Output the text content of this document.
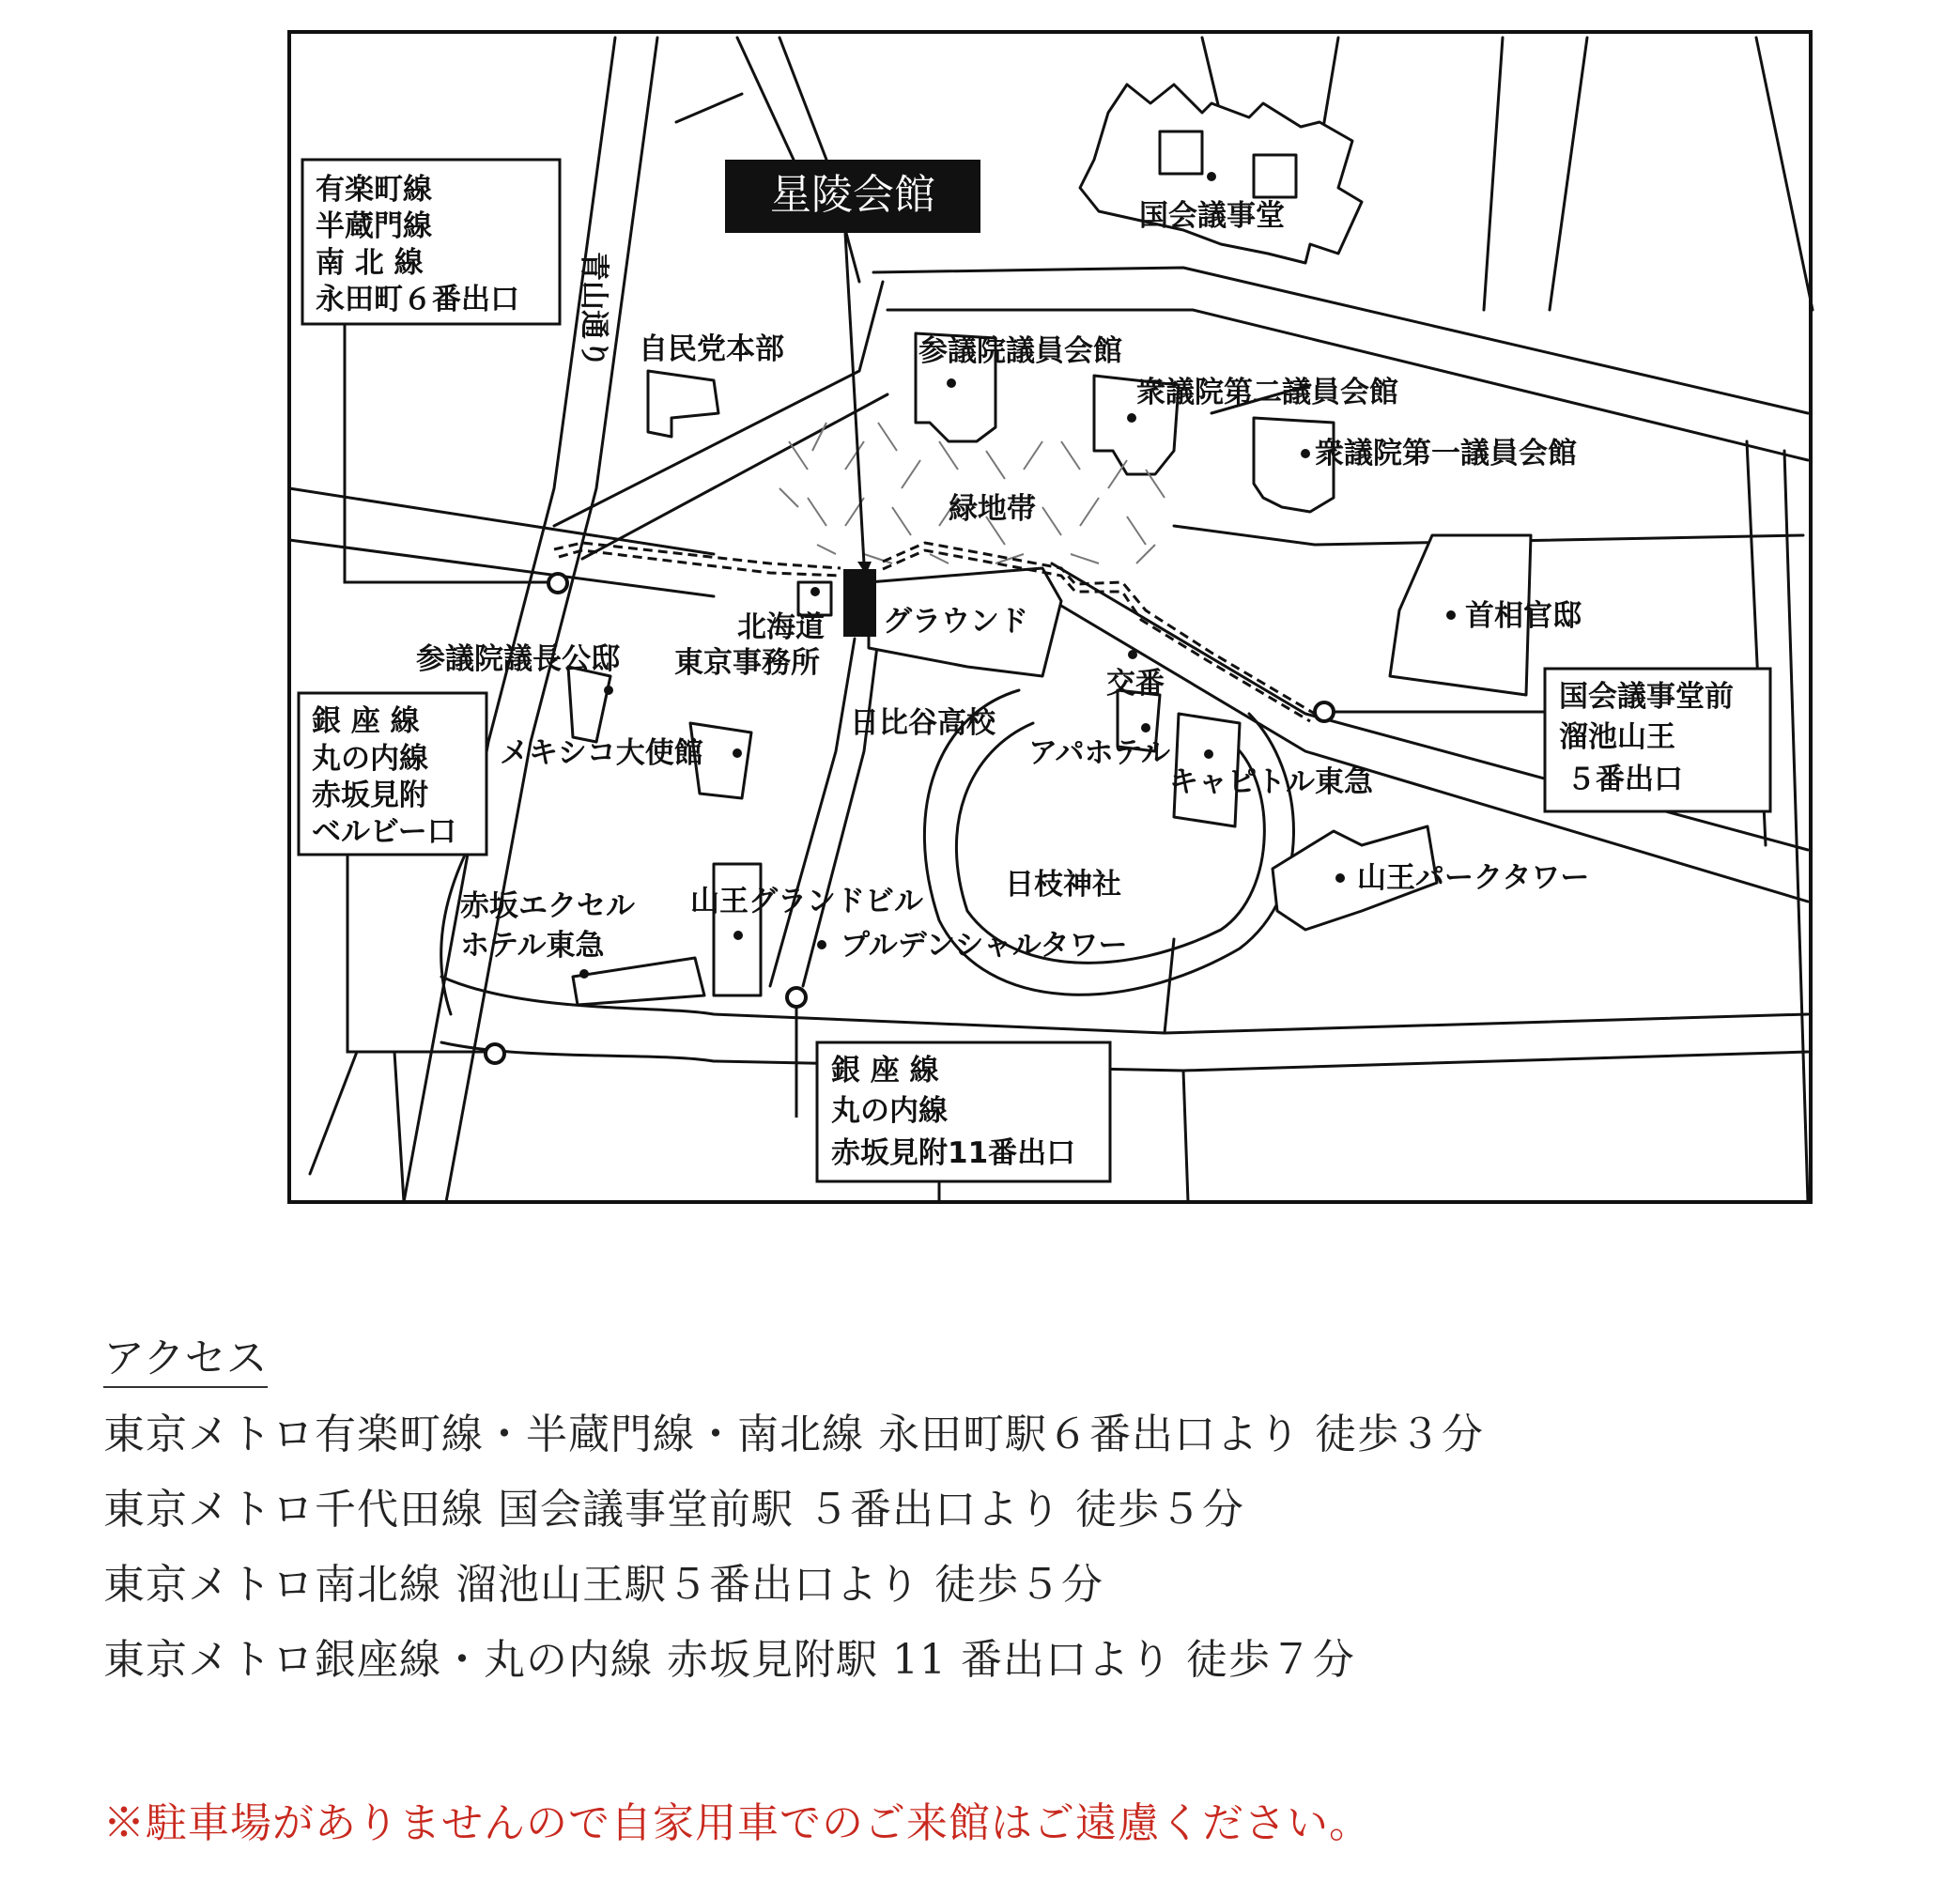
星陵会館
有楽町線
半蔵門線
南 北 線
永田町６番出口
国会議事堂前
溜池山王
５番出口
銀 座 線
丸の内線
赤坂見附
ベルビー口
銀 座 線
丸の内線
赤坂見附11番出口
国会議事堂
青山通り 自民党本部	参議院議員会館
衆議院第二議員会館
衆議院第一議員会館
緑地帯
首相官邸
北海道
東京事務所
グラウンド
参議院議長公邸
交番
日比谷高校
アパホテル
メキシコ大使館
キャピトル東急
日枝神社	山王パークタワー
赤坂エクセル
ホテル東急
山王グランドビル
プルデンシャルタワー
アクセス
東京メトロ有楽町線・半蔵門線・南北線 永田町駅６番出口より 徒歩３分
東京メトロ千代田線 国会議事堂前駅 ５番出口より 徒歩５分
東京メトロ南北線 溜池山王駅５番出口より 徒歩５分
東京メトロ銀座線・丸の内線 赤坂見附駅 11 番出口より 徒歩７分
※駐車場がありませんので自家用車でのご来館はご遠慮ください。
